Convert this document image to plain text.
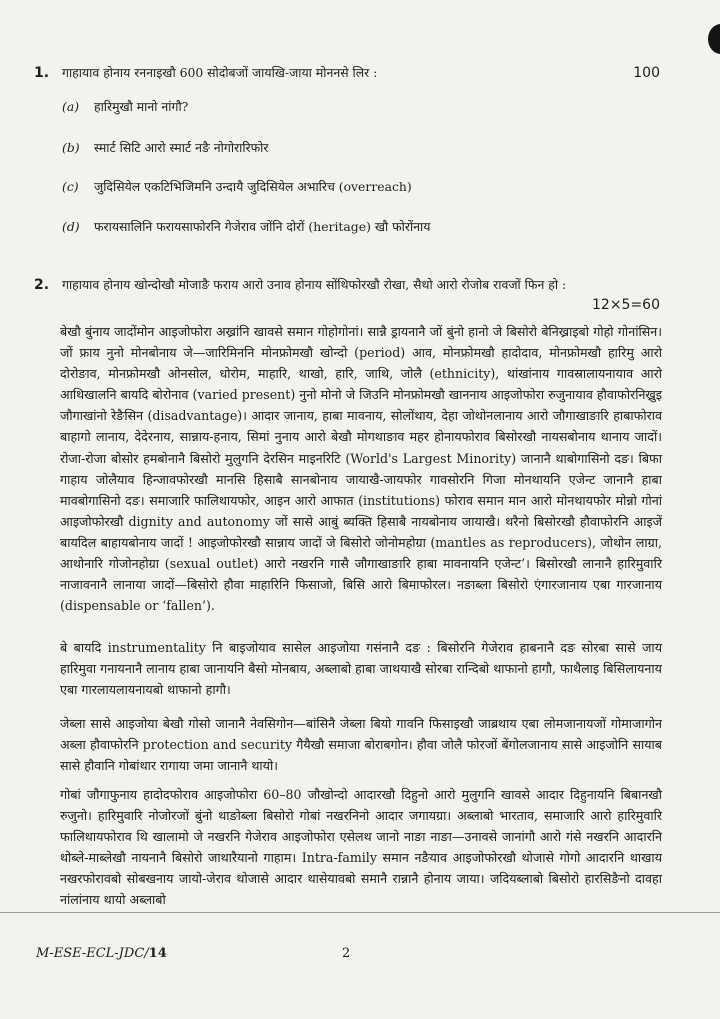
1. गाहायाव होनाय रननाइखौ 600 सोदोबजों जायखि-जाया मोननसे लिर :	100
(a) हारिमुखौ मानो नांगौ?
(b) स्मार्ट सिटि आरो स्मार्ट नङै नोगोरारिफोर
(c) जुदिसियेल एकटिभिजिमनि उन्दायै जुदिसियेल अभारिच (overreach)
(d) फरायसालिनि फरायसाफोरनि गेजेराव जोंनि दोरों (heritage) खौ फोरोंनाय
2. गाहायाव होनाय खोन्दोखौ मोजाङै फराय आरो उनाव होनाय सोंथिफोरखौ रोखा, सैथो आरो रोजोब रावजों फिन हो :
12×5=60

बेखौ बुंनाय जादोंमोन आइजोफोरा अख्रांनि खावसे समान गोहोगोनां। सान्नै ड्रायनानै जों बुंनो हानो जे बिसोरो बेनिख्राइबो गोहो गोनांसिन। जों फ्राय नुनो मोनबोनाय जे—जारिमिननि मोनफ्रोमखौ खोन्दो (period) आव, मोनफ्रोमखौ हादोदाव, मोनफ्रोमखौ हारिमु आरो दोरोङाव, मोनफ्रोमखौ ओनसोल, धोरोम, माहारि, थाखो, हारि, जाथि, जोलै (ethnicity), थांखांनाय गावस्रालायनायाव आरो आथिखालनि बायदि बोरोनाव (varied present) नुनो मोनो जे जिउनि मोनफ्रोमखौ खाननाय आइजोफोरा रुजुनायाव हौवाफोरनिख्रुइ जौगाखांनो रेङैसिन (disadvantage)। आदार जानाय, हाबा मावनाय, सोलोंथाय, देहा जोथोनलानाय आरो जौगाखाङारि हाबाफोराव बाहागो लानाय, देदेरनाय, सान्नाय-हनाय, सिमां नुनाय आरो बेखौ मोगथाङाव महर होनायफोराव बिसोरखौ नायसबोनाय थानाय जादों। रोजा-रोजा बोसोर हमबोनानै बिसोरो मुलुगनि देरसिन माइनरिटि (World's Largest Minority) जानानै थाबोगासिनो दङ। बिफा गाहाय जोलैयाव हिन्जावफोरखौ मानसि हिसाबै सानबोनाय जायाखै-जायफोर गावसोरनि गिजा मोनथायनि एजेन्ट जानानै हाबा मावबोगासिनो दङ। समाजारि फालिथायफोर, आइन आरो आफात (institutions) फोराव समान मान आरो मोनथायफोर मोन्नो गोनां आइजोफोरखौ dignity and autonomy जों सासे आबुं ब्यक्ति हिसाबै नायबोनाय जायाखै। थरैनो बिसोरखौ हौवाफोरनि आइजें बायदिल बाहायबोनाय जादों ! आइजोफोरखौ सान्नाय जादों जे बिसोरो जोनोमहोग्रा (mantles as reproducers), जोथोन लाग्रा, आथोनारि गोजोनहोग्रा (sexual outlet) आरो नखरनि गासै जौगाखाङारि हाबा मावनायनि एजेन्ट’। बिसोरखौ लानानै हारिमुवारि नाजावनानै लानाया जादों—बिसोरो हौवा माहारिनि फिसाजो, बिसि आरो बिमाफोरल। नङाब्ला बिसोरो एंगारजानाय एबा गारजानाय (dispensable or ‘fallen’).

बे बायदि instrumentality नि बाइजोयाव सासेल आइजोया गसंनानै दङ : बिसोरनि गेजेराव हाबनानै दङ सोरबा सासे जाय हारिमुवा गनायनानै लानाय हाबा जानायनि बैसो मोनबाय, अब्लाबो हाबा जाथयाखै सोरबा रान्दिबो थाफानो हागौ, फाथैलाइ बिसिलायनाय एबा गारलायलायनायबो थाफानो हागौ।

जेब्ला सासे आइजोया बेखौ गोसो जानानै नेवसिगोन—बांसिनै जेब्ला बियो गावनि फिसाइखौ जाब्रथाय एबा लोमजानायजों गोमाजागोन अब्ला हौवाफोरनि protection and security गैयैखौ समाजा बोराबगोन। हौवा जोलै फोरजों बेंगोलजानाय सासे आइजोनि सायाब सासे हौवानि गोबांथार रागाया जमा जानानै थायो।

गोबां जौगाफुनाय हादोदफोराव आइजोफोरा 60–80 जौखोन्दो आदारखौ दिहुनो आरो मुलुगनि खावसे आदार दिहुनायनि बिबानखौ रुजुनो। हारिमुवारि नोजोरजों बुंनो थाङोब्ला बिसोरो गोबां नखरनिनो आदार जगायग्रा। अब्लाबो भारताव, समाजारि आरो हारिमुवारि फालिथायफोराव थि खालामो जे नखरनि गेजेराव आइजोफोरा एसेलथ जानो नाङा नाङा—उनावसे जानांगौ आरो गंसे नखरनि आदारनि थोब्ले-माब्लेखौ नायनानै बिसोरो जाथारैयानो गाहाम। Intra-family समान नङैयाव आइजोफोरखौ थोजासे गोगो आदारनि थाखाय नखरफोरावबो सोबखनाय जायो-जेराव थोजासे आदार थासेयावबो समानै रान्नानै होनाय जाया। जदियब्लाबो बिसोरो हारसिङैनो दावहा नांलांनाय थायो अब्लाबो

M-ESE-ECL-JDC/14	2
